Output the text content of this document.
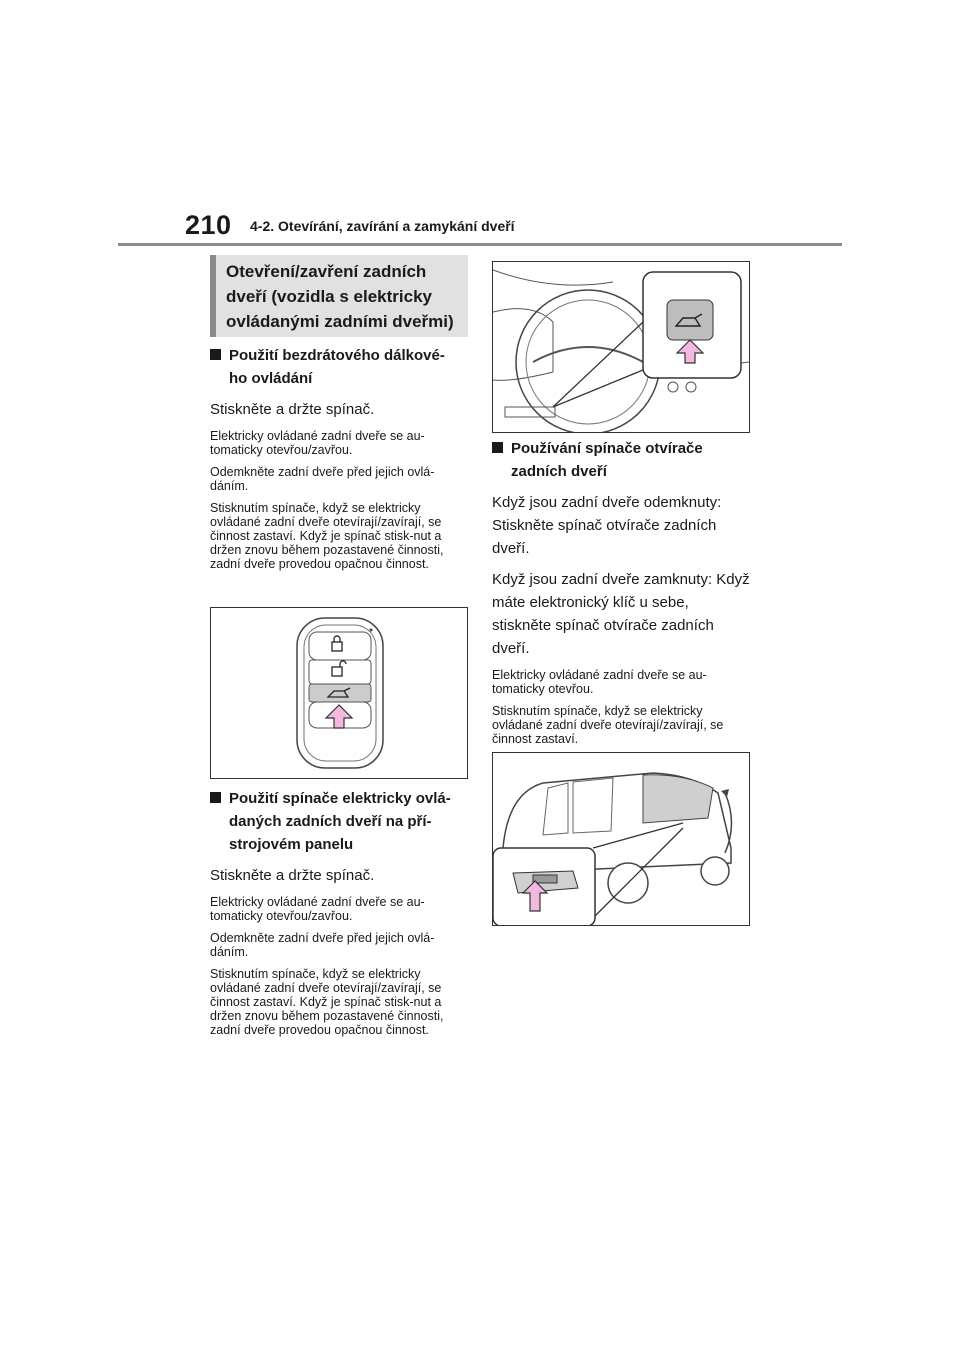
210 4-2. Otevírání, zavírání a zamykání dveří
Otevření/zavření zadních
dveří (vozidla s elektricky
ovládanými zadními dveřmi)
Použití bezdrátového dálkové-
ho ovládání

Stiskněte a držte spínač.

Elektricky ovládané zadní dveře se au-tomaticky otevřou/zavřou.

Odemkněte zadní dveře před jejich ovlá-dáním.

Stisknutím spínače, když se elektricky ovládané zadní dveře otevírají/zavírají, se činnost zastaví. Když je spínač stisk-nut a držen znovu během pozastavené činnosti, zadní dveře provedou opačnou činnost.

Použití spínače elektricky ovlá-
daných zadních dveří na pří-
strojovém panelu

Stiskněte a držte spínač.

Elektricky ovládané zadní dveře se au-tomaticky otevřou/zavřou.

Odemkněte zadní dveře před jejich ovlá-dáním.

Stisknutím spínače, když se elektricky ovládané zadní dveře otevírají/zavírají, se činnost zastaví. Když je spínač stisk-nut a držen znovu během pozastavené činnosti, zadní dveře provedou opačnou činnost.

Používání spínače otvírače
zadních dveří

Když jsou zadní dveře odemknuty: Stiskněte spínač otvírače zadních dveří.

Když jsou zadní dveře zamknuty: Když máte elektronický klíč u sebe, stiskněte spínač otvírače zadních dveří.

Elektricky ovládané zadní dveře se au-tomaticky otevřou.

Stisknutím spínače, když se elektricky ovládané zadní dveře otevírají/zavírají, se činnost zastaví.
